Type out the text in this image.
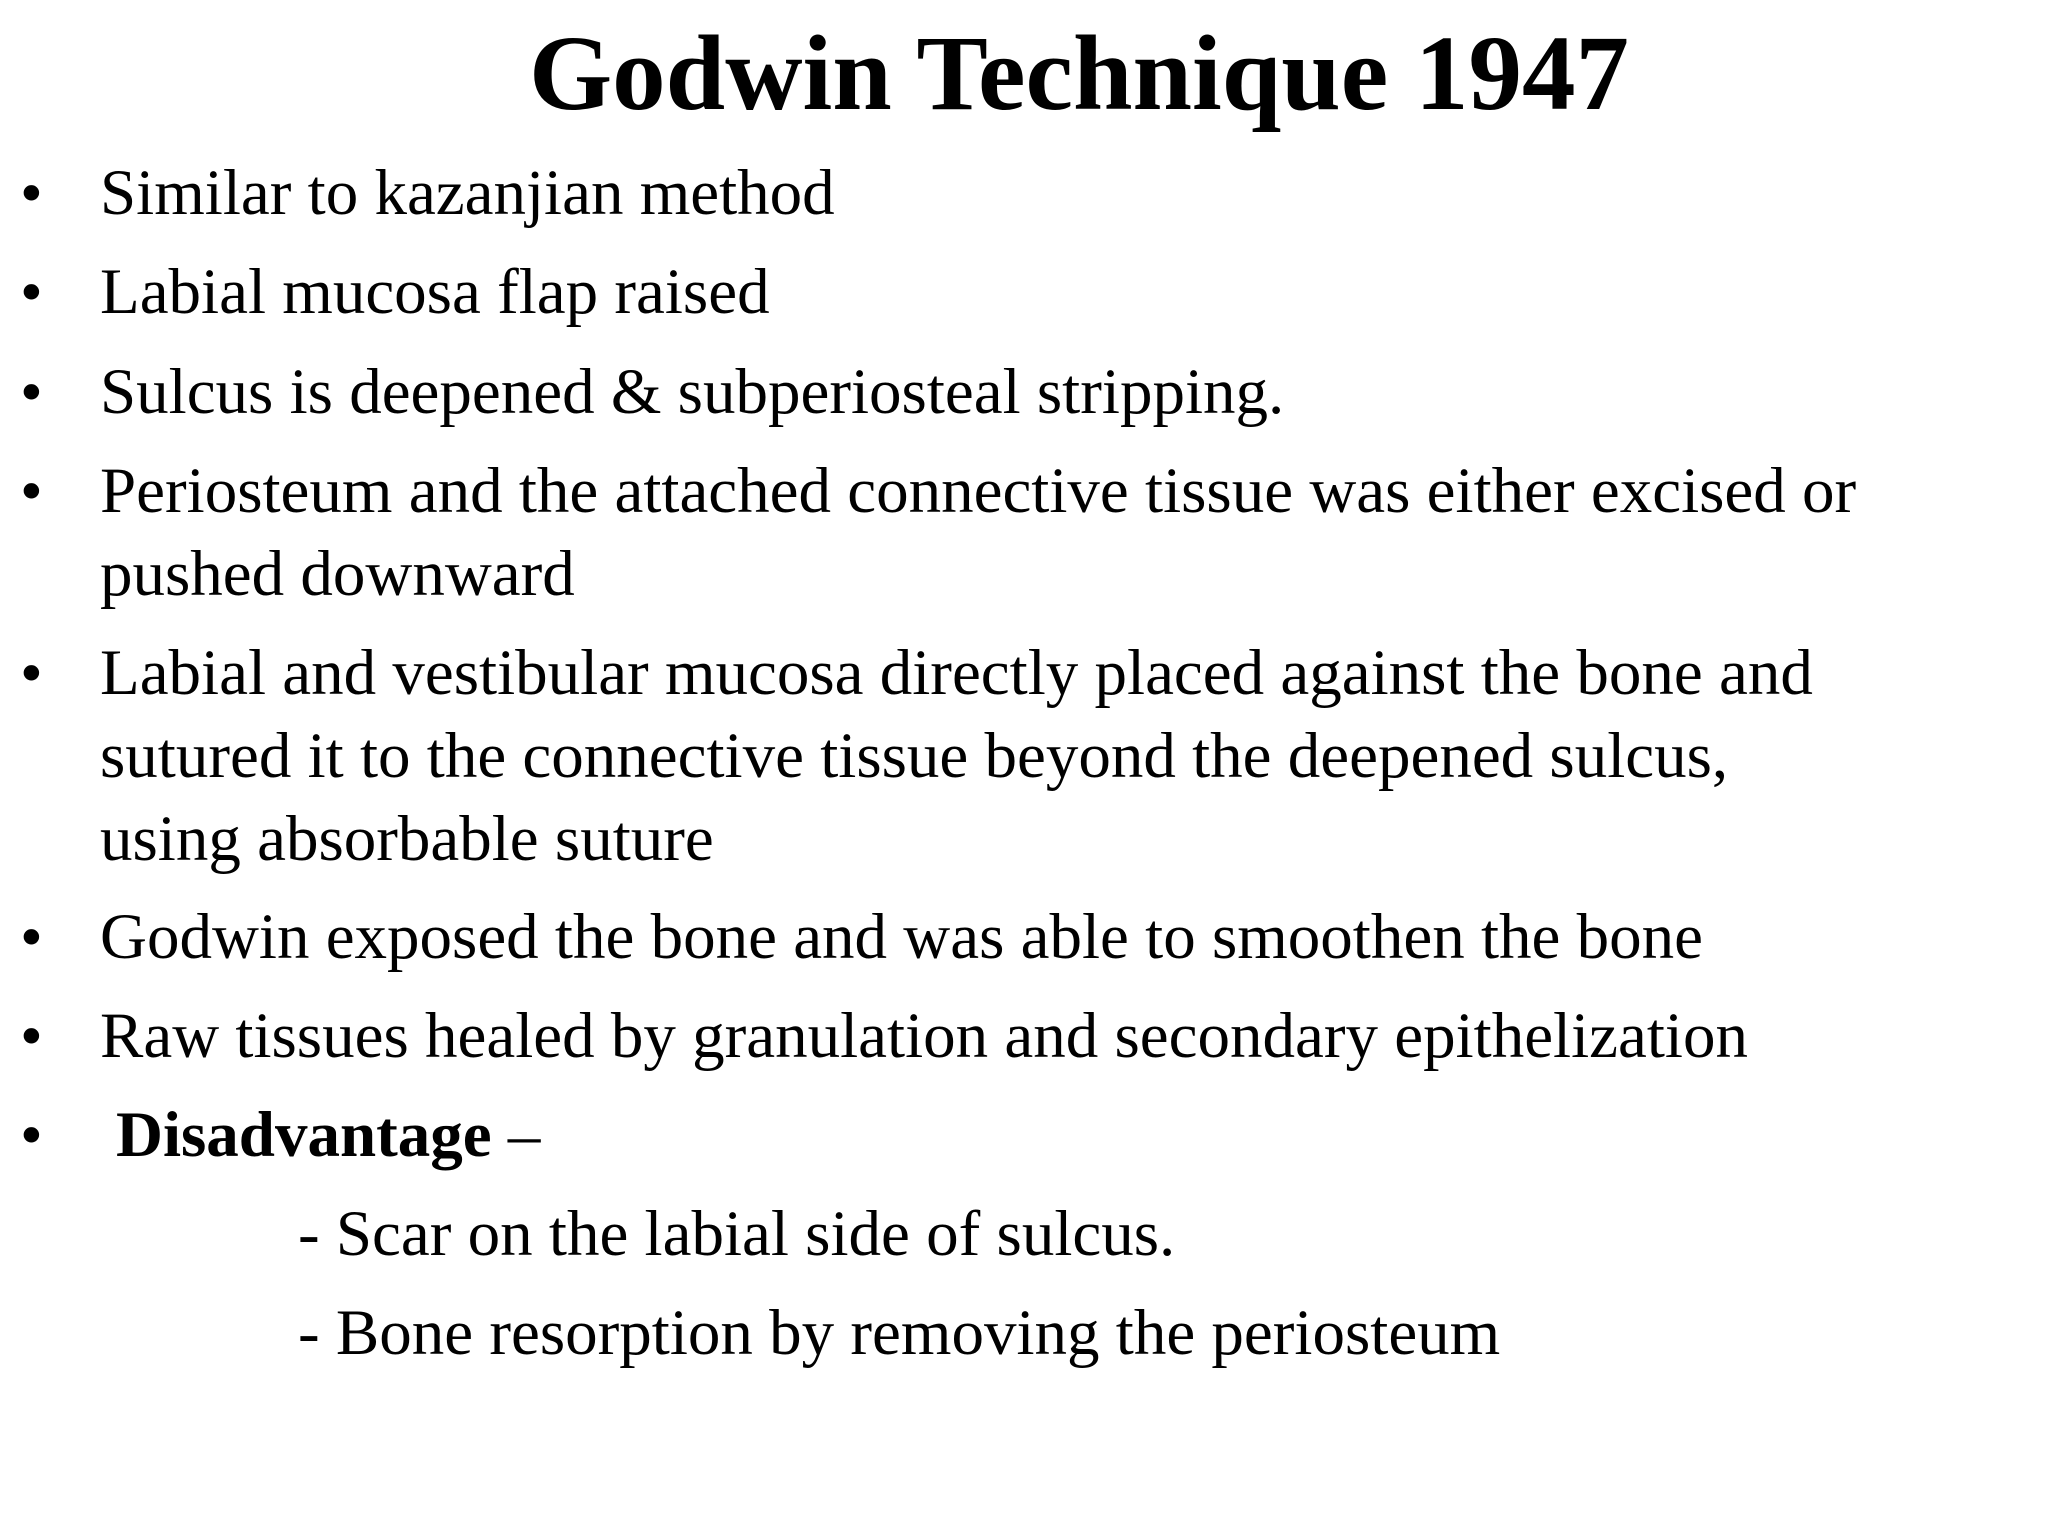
Godwin Technique 1947
• Similar to kazanjian method
• Labial mucosa flap raised
• Sulcus is deepened & subperiosteal stripping.
• Periosteum and the attached connective tissue was either excised or
pushed downward
• Labial and vestibular mucosa directly placed against the bone and
sutured it to the connective tissue beyond the deepened sulcus,
using absorbable suture
• Godwin exposed the bone and was able to smoothen the bone
• Raw tissues healed by granulation and secondary epithelization
• Disadvantage –
- Scar on the labial side of sulcus.
- Bone resorption by removing the periosteum
